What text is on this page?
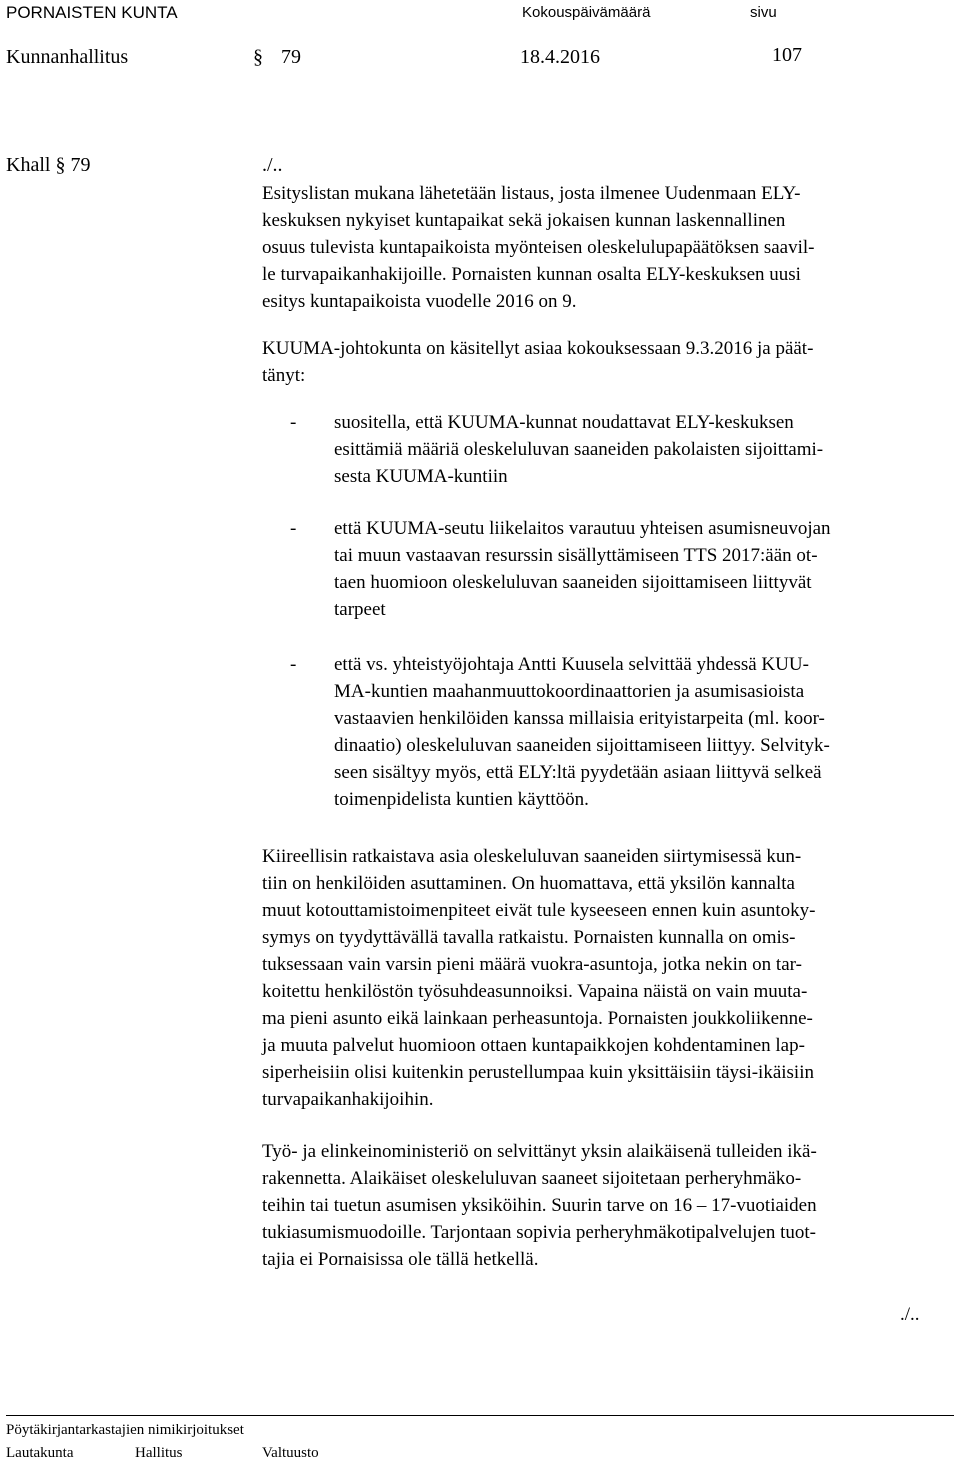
PORNAISTEN KUNTA	Kokouspäivämäärä	sivu
Kunnanhallitus	§ 79	18.4.2016	107
Khall § 79	./..
Esityslistan mukana lähetetään listaus, josta ilmenee Uudenmaan ELY-
keskuksen nykyiset kuntapaikat sekä jokaisen kunnan laskennallinen
osuus tulevista kuntapaikoista myönteisen oleskelulupapäätöksen saavil-
le turvapaikanhakijoille. Pornaisten kunnan osalta ELY-keskuksen uusi
esitys kuntapaikoista vuodelle 2016 on 9.
KUUMA-johtokunta on käsitellyt asiaa kokouksessaan 9.3.2016 ja päät-
tänyt:
- suositella, että KUUMA-kunnat noudattavat ELY-keskuksen
esittämiä määriä oleskeluluvan saaneiden pakolaisten sijoittami-
sesta KUUMA-kuntiin
- että KUUMA-seutu liikelaitos varautuu yhteisen asumisneuvojan
tai muun vastaavan resurssin sisällyttämiseen TTS 2017:ään ot-
taen huomioon oleskeluluvan saaneiden sijoittamiseen liittyvät
tarpeet
- että vs. yhteistyöjohtaja Antti Kuusela selvittää yhdessä KUU-
MA-kuntien maahanmuuttokoordinaattorien ja asumisasioista
vastaavien henkilöiden kanssa millaisia erityistarpeita (ml. koor-
dinaatio) oleskeluluvan saaneiden sijoittamiseen liittyy. Selvityk-
seen sisältyy myös, että ELY:ltä pyydetään asiaan liittyvä selkeä
toimenpidelista kuntien käyttöön.
Kiireellisin ratkaistava asia oleskeluluvan saaneiden siirtymisessä kun-
tiin on henkilöiden asuttaminen. On huomattava, että yksilön kannalta
muut kotouttamistoimenpiteet eivät tule kyseeseen ennen kuin asuntoky-
symys on tyydyttävällä tavalla ratkaistu. Pornaisten kunnalla on omis-
tuksessaan vain varsin pieni määrä vuokra-asuntoja, jotka nekin on tar-
koitettu henkilöstön työsuhdeasunnoiksi. Vapaina näistä on vain muuta-
ma pieni asunto eikä lainkaan perheasuntoja. Pornaisten joukkoliikenne-
ja muuta palvelut huomioon ottaen kuntapaikkojen kohdentaminen lap-
siperheisiin olisi kuitenkin perustellumpaa kuin yksittäisiin täysi-ikäisiin
turvapaikanhakijoihin.
Työ- ja elinkeinoministeriö on selvittänyt yksin alaikäisenä tulleiden ikä-
rakennetta. Alaikäiset oleskeluluvan saaneet sijoitetaan perheryhmäko-
teihin tai tuetun asumisen yksiköihin. Suurin tarve on 16 – 17-vuotiaiden
tukiasumismuodoille. Tarjontaan sopivia perheryhmäkotipalvelujen tuot-
tajia ei Pornaisissa ole tällä hetkellä.
./..
Pöytäkirjantarkastajien nimikirjoitukset
Lautakunta	Hallitus	Valtuusto
